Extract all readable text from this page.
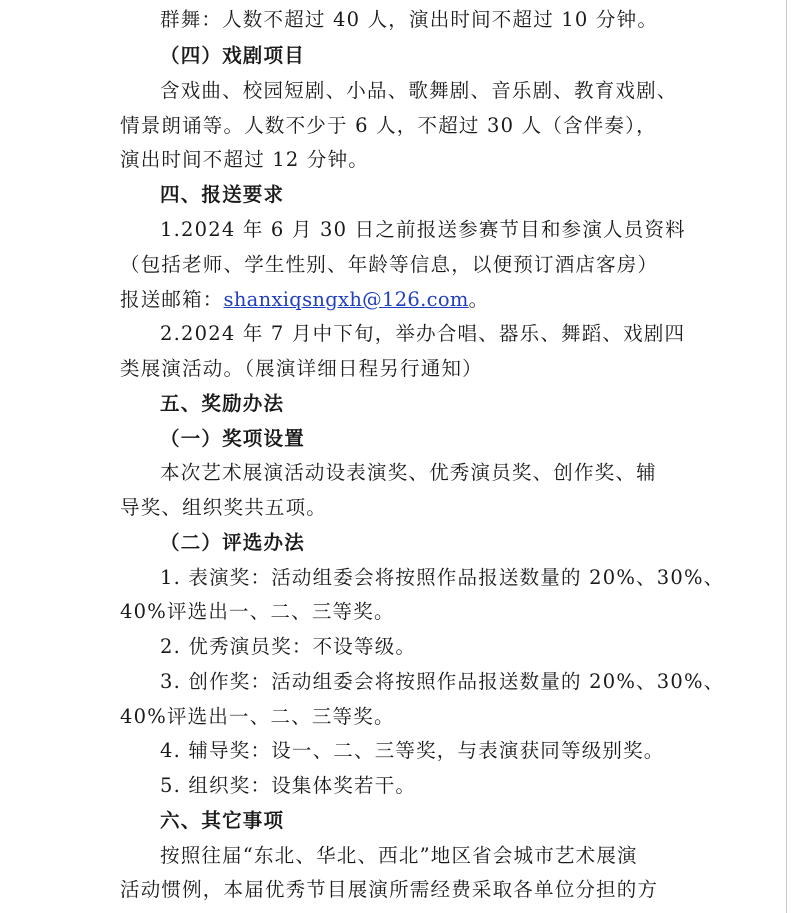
群舞：人数不超过 40 人，演出时间不超过 10 分钟。
（四）戏剧项目
含戏曲、校园短剧、小品、歌舞剧、音乐剧、教育戏剧、
情景朗诵等。人数不少于 6 人，不超过 30 人（含伴奏），
演出时间不超过 12 分钟。
四、报送要求
1.2024 年 6 月 30 日之前报送参赛节目和参演人员资料
（包括老师、学生性别、年龄等信息，以便预订酒店客房）
报送邮箱：shanxiqsngxh@126.com。
2.2024 年 7 月中下旬，举办合唱、器乐、舞蹈、戏剧四
类展演活动。（展演详细日程另行通知）
五、奖励办法
（一）奖项设置
本次艺术展演活动设表演奖、优秀演员奖、创作奖、辅
导奖、组织奖共五项。
（二）评选办法
1. 表演奖：活动组委会将按照作品报送数量的 20%、30%、
40%评选出一、二、三等奖。
2. 优秀演员奖：不设等级。
3. 创作奖：活动组委会将按照作品报送数量的 20%、30%、
40%评选出一、二、三等奖。
4. 辅导奖：设一、二、三等奖，与表演获同等级别奖。
5. 组织奖：设集体奖若干。
六、其它事项
按照往届“东北、华北、西北”地区省会城市艺术展演
活动惯例，本届优秀节目展演所需经费采取各单位分担的方
